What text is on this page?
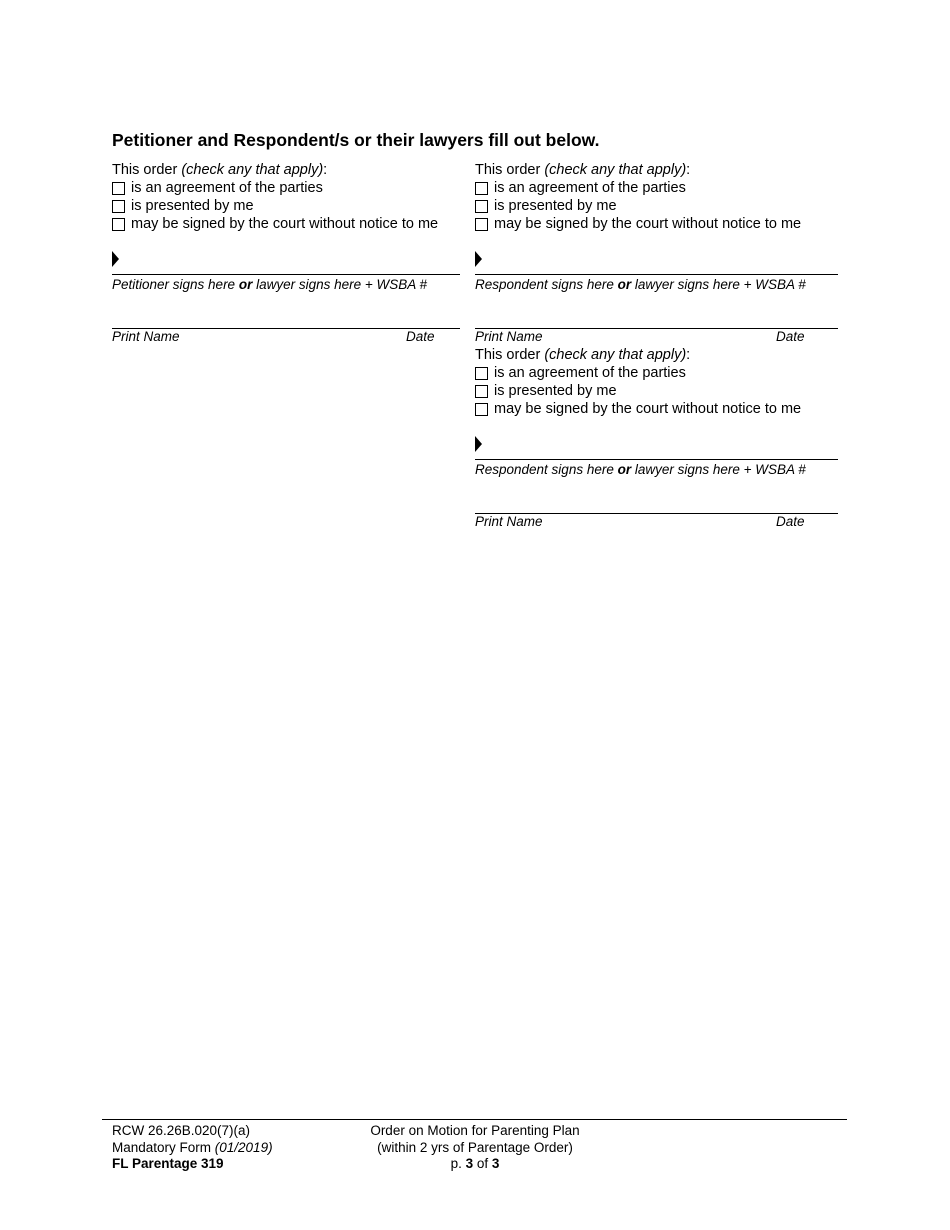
Petitioner and Respondent/s or their lawyers fill out below.
This order (check any that apply):
is an agreement of the parties
is presented by me
may be signed by the court without notice to me
Petitioner signs here or lawyer signs here + WSBA #
Print Name	Date
This order (check any that apply):
is an agreement of the parties
is presented by me
may be signed by the court without notice to me
Respondent signs here or lawyer signs here + WSBA #
Print Name	Date
This order (check any that apply):
is an agreement of the parties
is presented by me
may be signed by the court without notice to me
Respondent signs here or lawyer signs here + WSBA #
Print Name	Date
RCW 26.26B.020(7)(a)
Mandatory Form (01/2019)
FL Parentage 319
Order on Motion for Parenting Plan
(within 2 yrs of Parentage Order)
p. 3 of 3
